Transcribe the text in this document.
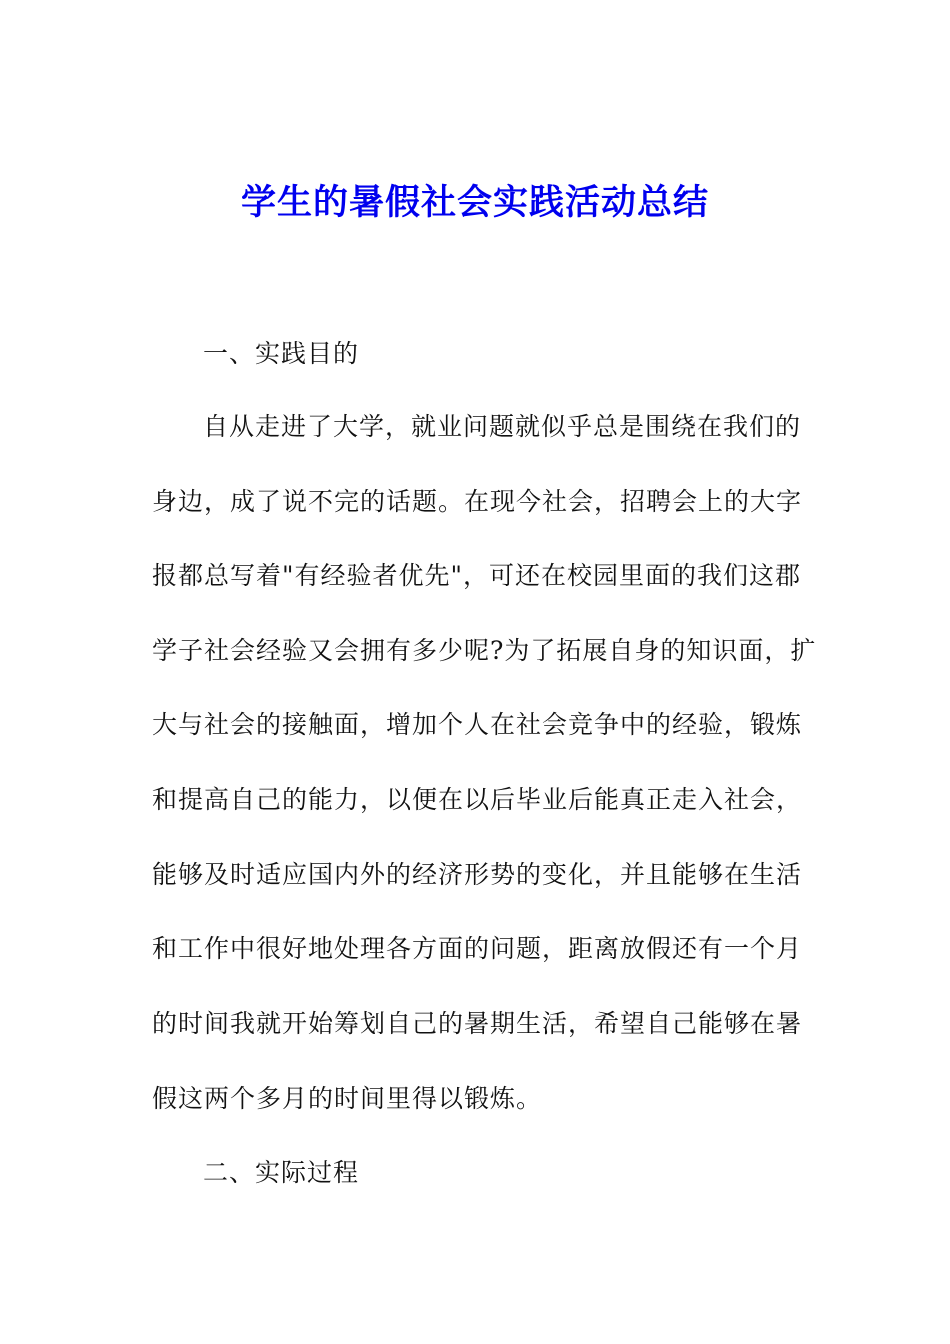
学生的暑假社会实践活动总结
一、实践目的
自从走进了大学，就业问题就似乎总是围绕在我们的
身边，成了说不完的话题。在现今社会，招聘会上的大字
报都总写着"有经验者优先"，可还在校园里面的我们这郡
学子社会经验又会拥有多少呢?为了拓展自身的知识面，扩
大与社会的接触面，增加个人在社会竞争中的经验，锻炼
和提高自己的能力，以便在以后毕业后能真正走入社会，
能够及时适应国内外的经济形势的变化，并且能够在生活
和工作中很好地处理各方面的问题，距离放假还有一个月
的时间我就开始筹划自己的暑期生活，希望自己能够在暑
假这两个多月的时间里得以锻炼。
二、实际过程
